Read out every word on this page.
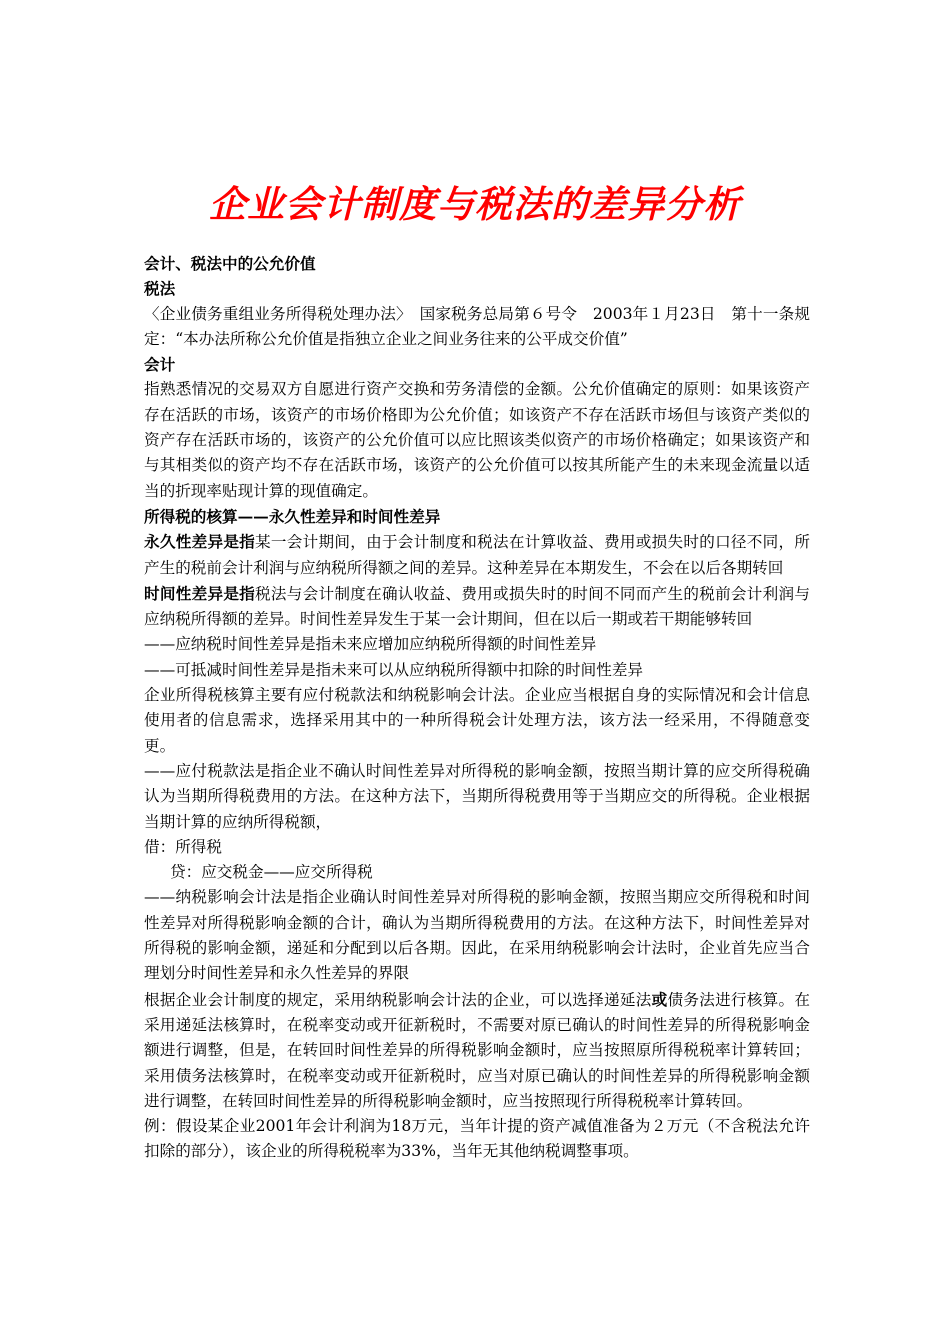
企业会计制度与税法的差异分析

会计、税法中的公允价值

税法

〈企业债务重组业务所得税处理办法〉　国家税务总局第６号令　2003年１月23日　第十一条规定：“本办法所称公允价值是指独立企业之间业务往来的公平成交价值”

会计

指熟悉情况的交易双方自愿进行资产交换和劳务清偿的金额。公允价值确定的原则：如果该资产存在活跃的市场，该资产的市场价格即为公允价值；如该资产不存在活跃市场但与该资产类似的资产存在活跃市场的，该资产的公允价值可以应比照该类似资产的市场价格确定；如果该资产和与其相类似的资产均不存在活跃市场，该资产的公允价值可以按其所能产生的未来现金流量以适当的折现率贴现计算的现值确定。

所得税的核算——永久性差异和时间性差异

永久性差异是指某一会计期间，由于会计制度和税法在计算收益、费用或损失时的口径不同，所产生的税前会计利润与应纳税所得额之间的差异。这种差异在本期发生，不会在以后各期转回

时间性差异是指税法与会计制度在确认收益、费用或损失时的时间不同而产生的税前会计利润与应纳税所得额的差异。时间性差异发生于某一会计期间，但在以后一期或若干期能够转回

——应纳税时间性差异是指未来应增加应纳税所得额的时间性差异

——可抵减时间性差异是指未来可以从应纳税所得额中扣除的时间性差异

企业所得税核算主要有应付税款法和纳税影响会计法。企业应当根据自身的实际情况和会计信息使用者的信息需求，选择采用其中的一种所得税会计处理方法，该方法一经采用，不得随意变更。

——应付税款法是指企业不确认时间性差异对所得税的影响金额，按照当期计算的应交所得税确认为当期所得税费用的方法。在这种方法下，当期所得税费用等于当期应交的所得税。企业根据当期计算的应纳所得税额，

借：所得税

贷：应交税金——应交所得税

——纳税影响会计法是指企业确认时间性差异对所得税的影响金额，按照当期应交所得税和时间性差异对所得税影响金额的合计，确认为当期所得税费用的方法。在这种方法下，时间性差异对所得税的影响金额，递延和分配到以后各期。因此，在采用纳税影响会计法时，企业首先应当合理划分时间性差异和永久性差异的界限

根据企业会计制度的规定，采用纳税影响会计法的企业，可以选择递延法或债务法进行核算。在采用递延法核算时，在税率变动或开征新税时，不需要对原已确认的时间性差异的所得税影响金额进行调整，但是，在转回时间性差异的所得税影响金额时，应当按照原所得税税率计算转回；采用债务法核算时，在税率变动或开征新税时，应当对原已确认的时间性差异的所得税影响金额进行调整，在转回时间性差异的所得税影响金额时，应当按照现行所得税税率计算转回。

例：假设某企业2001年会计利润为18万元，当年计提的资产减值准备为２万元（不含税法允许扣除的部分），该企业的所得税税率为33%，当年无其他纳税调整事项。
